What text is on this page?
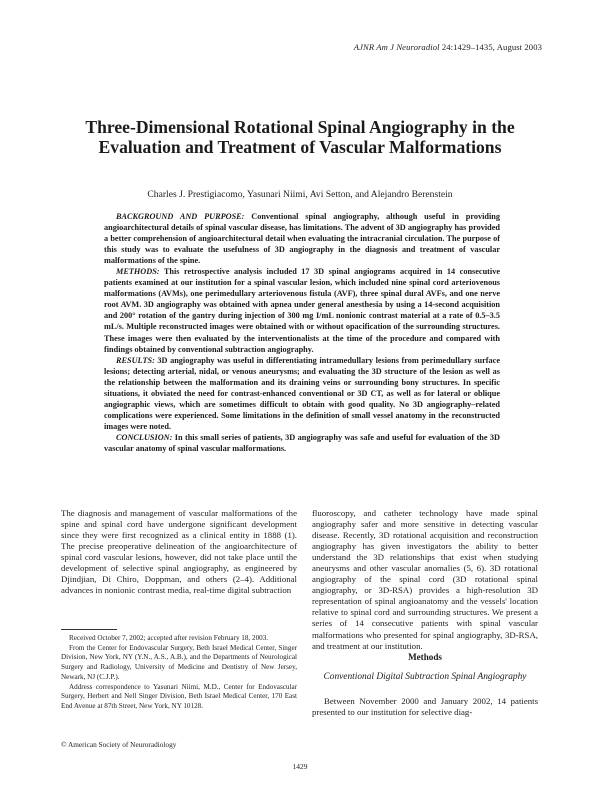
AJNR Am J Neuroradiol 24:1429–1435, August 2003
Three-Dimensional Rotational Spinal Angiography in the Evaluation and Treatment of Vascular Malformations
Charles J. Prestigiacomo, Yasunari Niimi, Avi Setton, and Alejandro Berenstein

BACKGROUND AND PURPOSE: Conventional spinal angiography, although useful in providing angioarchitectural details of spinal vascular disease, has limitations. The advent of 3D angiography has provided a better comprehension of angioarchitectural detail when evaluating the intracranial circulation. The purpose of this study was to evaluate the usefulness of 3D angiography in the diagnosis and treatment of vascular malformations of the spine.

METHODS: This retrospective analysis included 17 3D spinal angiograms acquired in 14 consecutive patients examined at our institution for a spinal vascular lesion, which included nine spinal cord arteriovenous malformations (AVMs), one perimedullary arteriovenous fistula (AVF), three spinal dural AVFs, and one nerve root AVM. 3D angiography was obtained with apnea under general anesthesia by using a 14-second acquisition and 200° rotation of the gantry during injection of 300 mg I/mL nonionic contrast material at a rate of 0.5–3.5 mL/s. Multiple reconstructed images were obtained with or without opacification of the surrounding structures. These images were then evaluated by the interventionalists at the time of the procedure and compared with findings obtained by conventional subtraction angiography.

RESULTS: 3D angiography was useful in differentiating intramedullary lesions from perimedullary surface lesions; detecting arterial, nidal, or venous aneurysms; and evaluating the 3D structure of the lesion as well as the relationship between the malformation and its draining veins or surrounding bony structures. In specific situations, it obviated the need for contrast-enhanced conventional or 3D CT, as well as for lateral or oblique angiographic views, which are sometimes difficult to obtain with good quality. No 3D angiography–related complications were experienced. Some limitations in the definition of small vessel anatomy in the reconstructed images were noted.

CONCLUSION: In this small series of patients, 3D angiography was safe and useful for evaluation of the 3D vascular anatomy of spinal vascular malformations.

The diagnosis and management of vascular malformations of the spine and spinal cord have undergone significant development since they were first recognized as a clinical entity in 1888 (1). The precise preoperative delineation of the angioarchitecture of spinal cord vascular lesions, however, did not take place until the development of selective spinal angiography, as engineered by Djindjian, Di Chiro, Doppman, and others (2–4). Additional advances in nonionic contrast media, real-time digital subtraction

Received October 7, 2002; accepted after revision February 18, 2003.

From the Center for Endovascular Surgery, Beth Israel Medical Center, Singer Division, New York, NY (Y.N., A.S., A.B.), and the Departments of Neurological Surgery and Radiology, University of Medicine and Dentistry of New Jersey, Newark, NJ (C.J.P.).

Address correspondence to Yasunari Niimi, M.D., Center for Endovascular Surgery, Herbert and Nell Singer Division, Beth Israel Medical Center, 170 East End Avenue at 87th Street, New York, NY 10128.

© American Society of Neuroradiology

fluoroscopy, and catheter technology have made spinal angiography safer and more sensitive in detecting vascular disease. Recently, 3D rotational acquisition and reconstruction angiography has given investigators the ability to better understand the 3D relationships that exist when studying aneurysms and other vascular anomalies (5, 6). 3D rotational angiography of the spinal cord (3D rotational spinal angiography, or 3D-RSA) provides a high-resolution 3D representation of spinal angioanatomy and the vessels' location relative to spinal cord and surrounding structures. We present a series of 14 consecutive patients with spinal vascular malformations who presented for spinal angiography, 3D-RSA, and treatment at our institution.

Methods
Conventional Digital Subtraction Spinal Angiography

Between November 2000 and January 2002, 14 patients presented to our institution for selective diag-

1429
